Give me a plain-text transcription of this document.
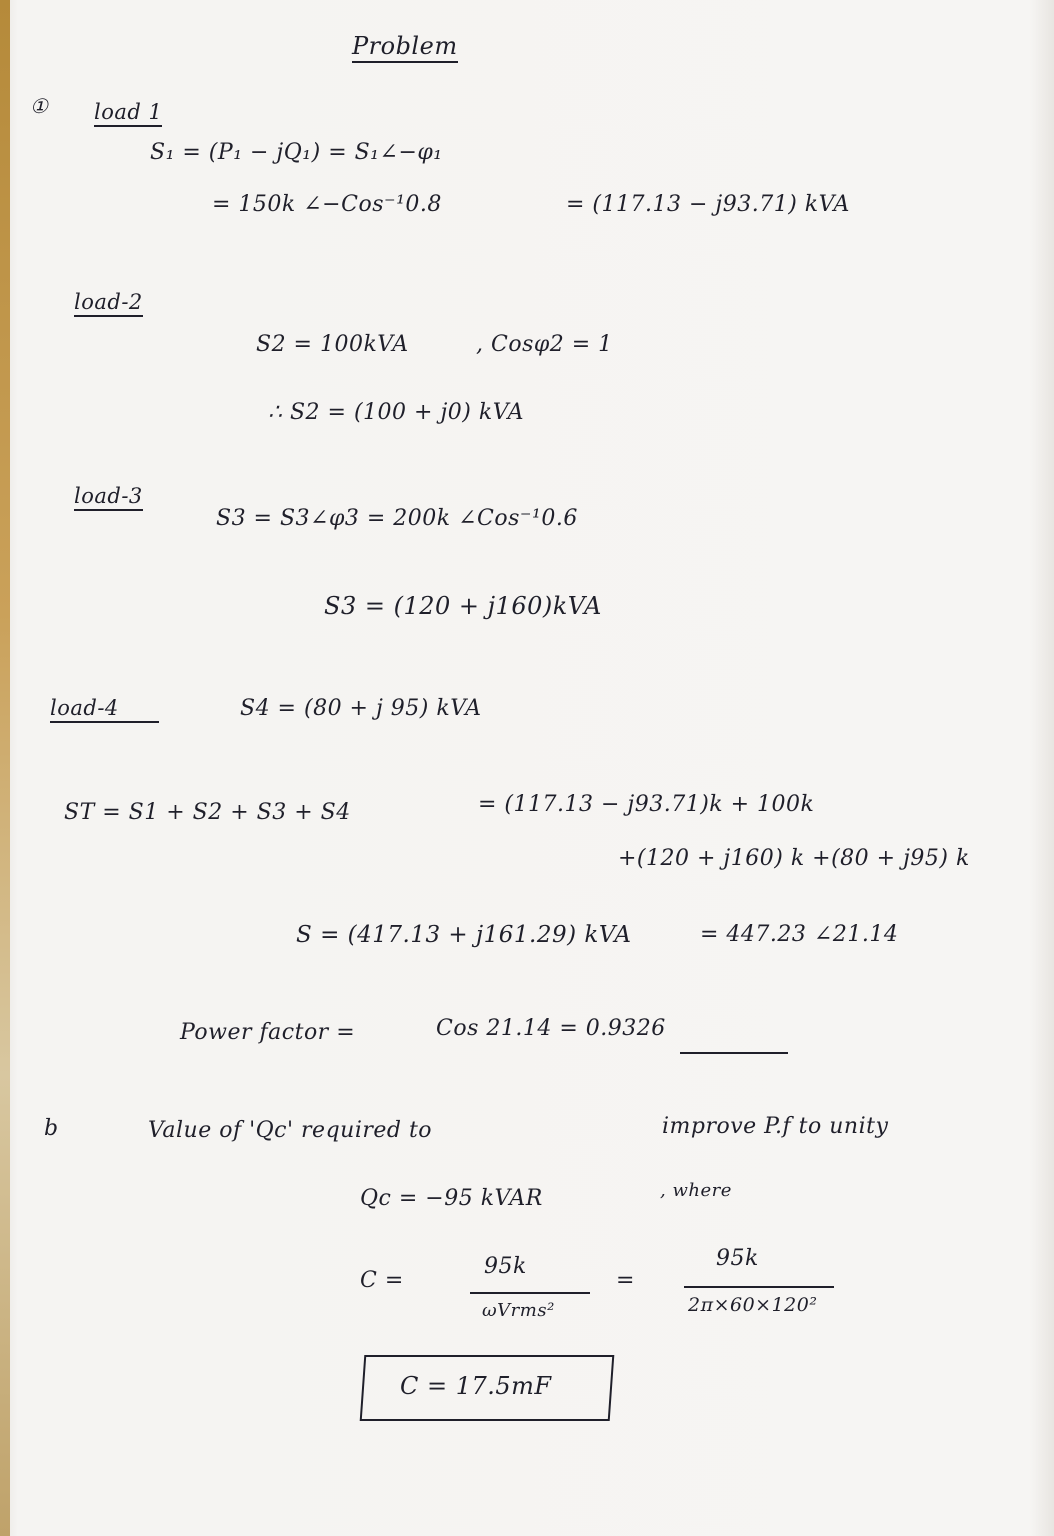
Problem
① load 1
S₁ = (P₁ − jQ₁) = S₁∠−φ₁
= 150k ∠−Cos⁻¹0.8	= (117.13 − j93.71) kVA
load-2
S2 = 100kVA	, Cosφ2 = 1
∴ S2 = (100 + j0) kVA
load-3
S3 = S3∠φ3 = 200k ∠Cos⁻¹0.6
S3 = (120 + j160)kVA
load-4	S4 = (80 + j 95) kVA
ST = S1 + S2 + S3 + S4	= (117.13 − j93.71)k + 100k
+(120 + j160) k +(80 + j95) k
S = (417.13 + j161.29) kVA	= 447.23 ∠21.14
Power factor =	Cos 21.14 = 0.9326
b	Value of 'Qc' required to	improve P.f to unity
Qc = −95 kVAR	, where
C =
95k
ωVrms²
=
95k
2π×60×120²
C = 17.5mF
